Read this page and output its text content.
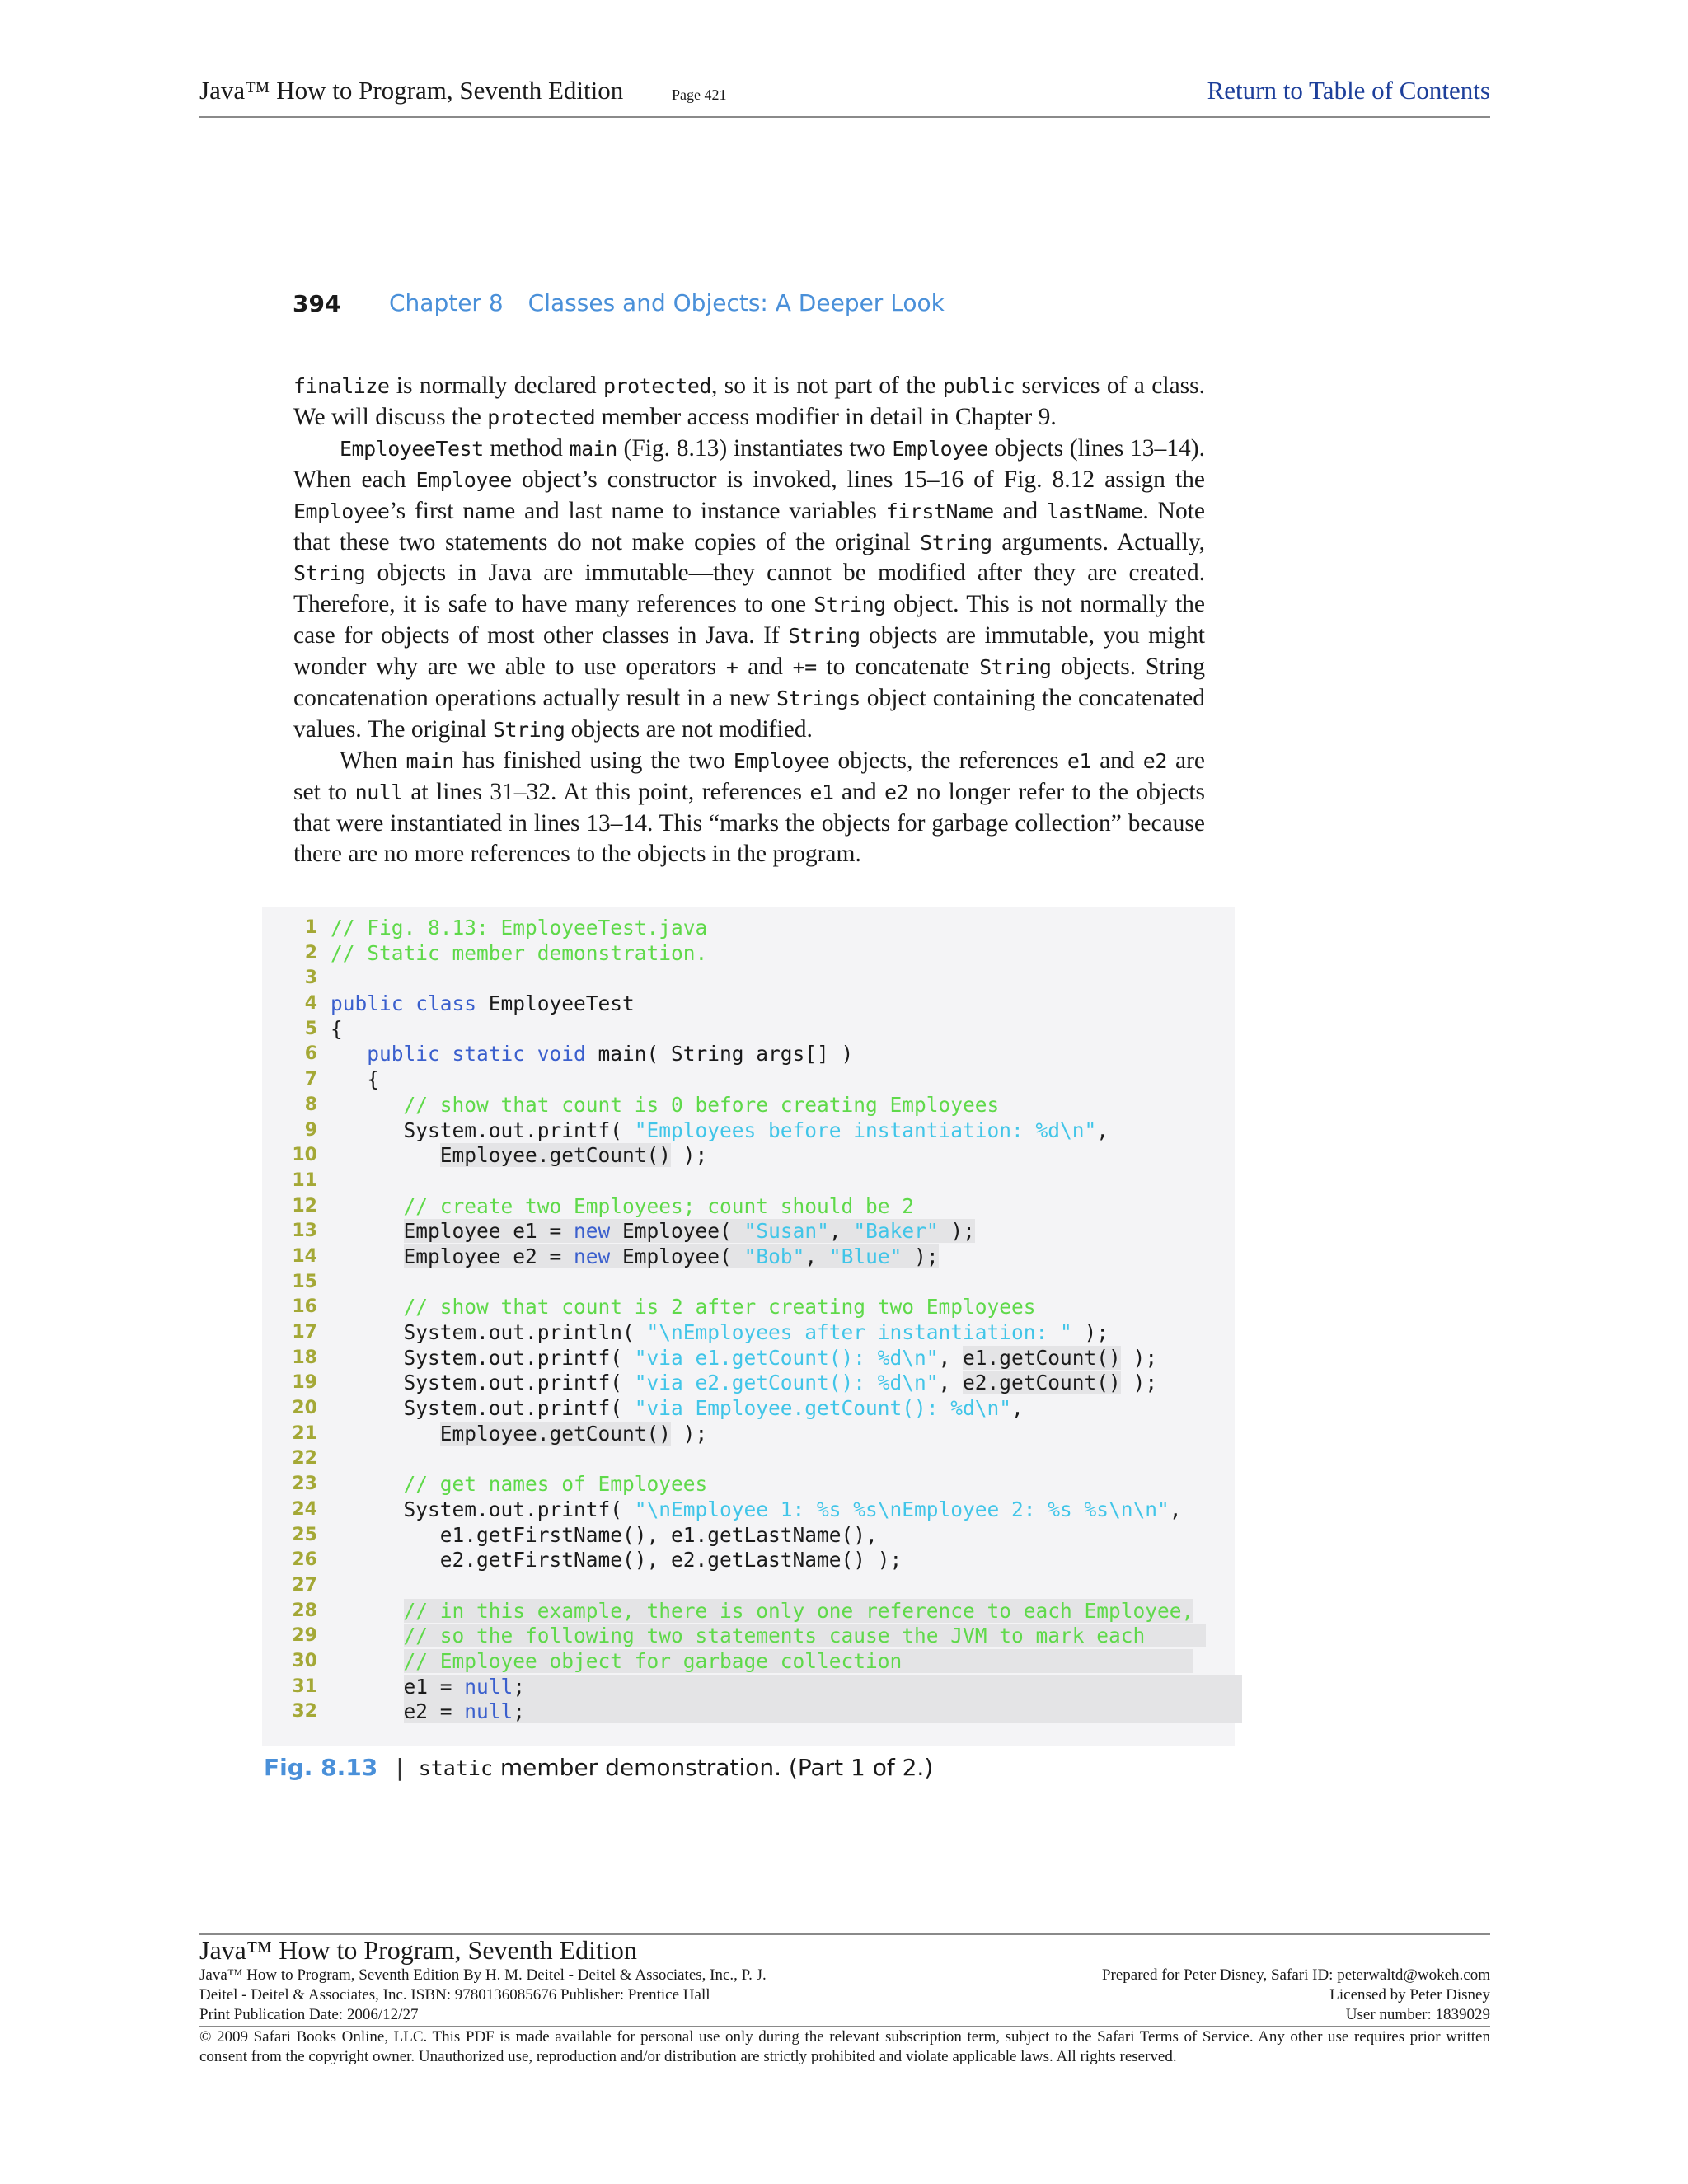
Java™ How to Program, Seventh Edition	Page 421	Return to Table of Contents
394 Chapter 8 Classes and Objects: A Deeper Look

finalize is normally declared protected, so it is not part of the public services of a class. We will discuss the protected member access modifier in detail in Chapter 9.

EmployeeTest method main (Fig. 8.13) instantiates two Employee objects (lines 13–14). When each Employee object’s constructor is invoked, lines 15–16 of Fig. 8.12 assign the Employee’s first name and last name to instance variables firstName and lastName. Note that these two statements do not make copies of the original String arguments. Actually, String objects in Java are immutable—they cannot be modified after they are created. Therefore, it is safe to have many references to one String object. This is not normally the case for objects of most other classes in Java. If String objects are immutable, you might wonder why are we able to use operators + and += to concatenate String objects. String concatenation operations actually result in a new Strings object containing the concatenated values. The original String objects are not modified.

When main has finished using the two Employee objects, the references e1 and e2 are set to null at lines 31–32. At this point, references e1 and e2 no longer refer to the objects that were instantiated in lines 13–14. This “marks the objects for garbage collection” because there are no more references to the objects in the program.

1 // Fig. 8.13: EmployeeTest.java
2 // Static member demonstration.
3
4 public class EmployeeTest
5 {
6	public static void main( String args[] )
7 {
8	// show that count is 0 before creating Employees
9 System.out.printf( "Employees before instantiation: %d\n",
10	Employee.getCount() );
11
12	// create two Employees; count should be 2
13	Employee e1 = new Employee( "Susan", "Baker" );
14	Employee e2 = new Employee( "Bob", "Blue" );
15
16	// show that count is 2 after creating two Employees
17 System.out.println( "\nEmployees after instantiation: " );
18 System.out.printf( "via e1.getCount(): %d\n", e1.getCount() );
19 System.out.printf( "via e2.getCount(): %d\n", e2.getCount() );
20 System.out.printf( "via Employee.getCount(): %d\n",
21	Employee.getCount() );
22
23	// get names of Employees
24 System.out.printf( "\nEmployee 1: %s %s\nEmployee 2: %s %s\n\n",
25 e1.getFirstName(), e1.getLastName(),
26 e2.getFirstName(), e2.getLastName() );
27
28	// in this example, there is only one reference to each Employee,
29	// so the following two statements cause the JVM to mark each
30	// Employee object for garbage collection
31	e1 = null;
32	e2 = null;
Fig. 8.13 | static member demonstration. (Part 1 of 2.)
Java™ How to Program, Seventh Edition
Java™ How to Program, Seventh Edition By H. M. Deitel - Deitel & Associates, Inc., P. J.	Prepared for Peter Disney, Safari ID: peterwaltd@wokeh.com
Deitel - Deitel & Associates, Inc. ISBN: 9780136085676 Publisher: Prentice Hall	Licensed by Peter Disney
Print Publication Date: 2006/12/27	User number: 1839029
© 2009 Safari Books Online, LLC. This PDF is made available for personal use only during the relevant subscription term, subject to the Safari Terms of Service. Any other use requires prior written consent from the copyright owner. Unauthorized use, reproduction and/or distribution are strictly prohibited and violate applicable laws. All rights reserved.
